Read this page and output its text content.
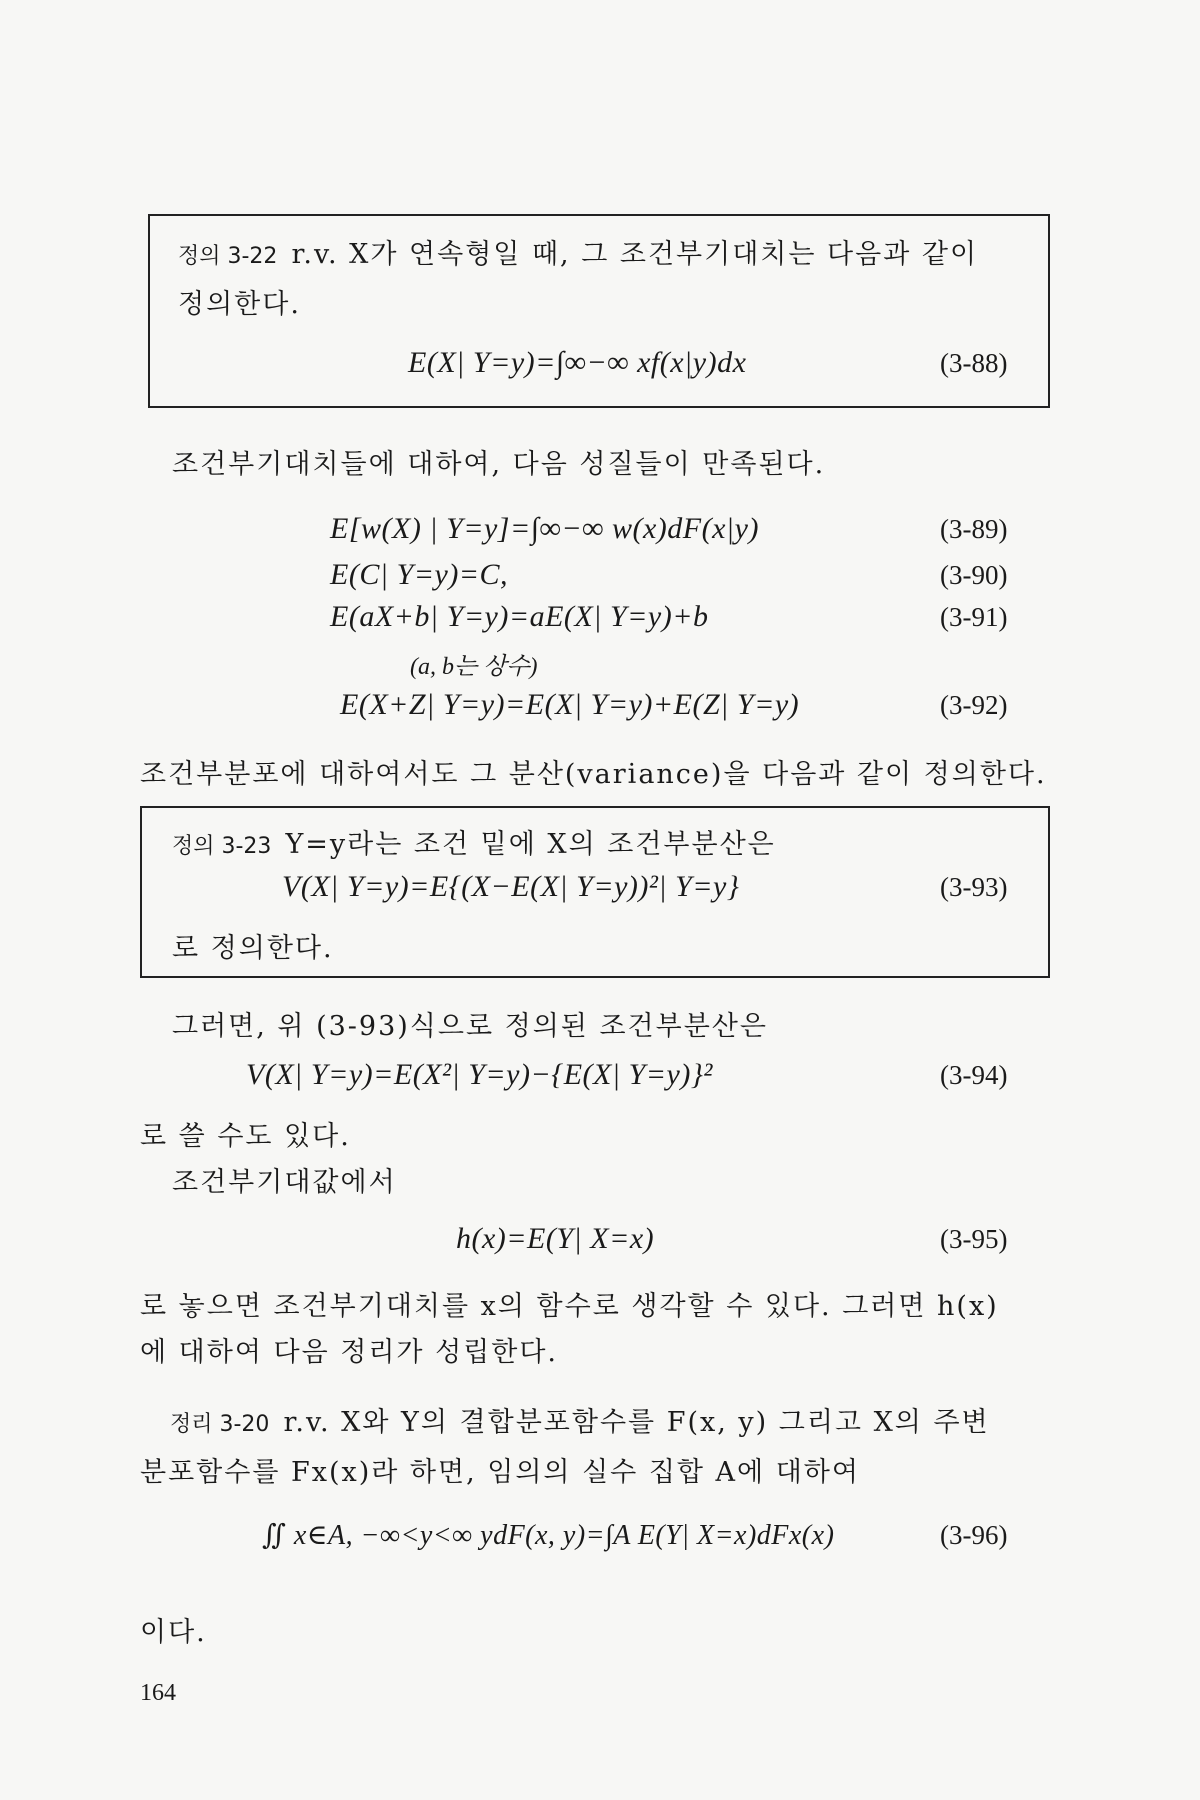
정의 3-22 r.v. X가 연속형일 때, 그 조건부기대치는 다음과 같이
정의한다.
E(X| Y=y)=∫∞−∞ xf(x|y)dx	(3-88)
조건부기대치들에 대하여, 다음 성질들이 만족된다.
E[w(X) | Y=y]=∫∞−∞ w(x)dF(x|y)	(3-89)
E(C| Y=y)=C,	(3-90)
E(aX+b| Y=y)=aE(X| Y=y)+b	(3-91)
(a, b는 상수)
E(X+Z| Y=y)=E(X| Y=y)+E(Z| Y=y)	(3-92)
조건부분포에 대하여서도 그 분산(variance)을 다음과 같이 정의한다.
정의 3-23 Y=y라는 조건 밑에 X의 조건부분산은
V(X| Y=y)=E{(X−E(X| Y=y))²| Y=y}	(3-93)
로 정의한다.
그러면, 위 (3-93)식으로 정의된 조건부분산은
V(X| Y=y)=E(X²| Y=y)−{E(X| Y=y)}²	(3-94)
로 쓸 수도 있다.
조건부기대값에서
h(x)=E(Y| X=x)	(3-95)
로 놓으면 조건부기대치를 x의 함수로 생각할 수 있다. 그러면 h(x)
에 대하여 다음 정리가 성립한다.
정리 3-20 r.v. X와 Y의 결합분포함수를 F(x, y) 그리고 X의 주변
분포함수를 Fx(x)라 하면, 임의의 실수 집합 A에 대하여
∬ x∈A, −∞<y<∞ ydF(x, y)=∫A E(Y| X=x)dFx(x)	(3-96)
이다.
164
